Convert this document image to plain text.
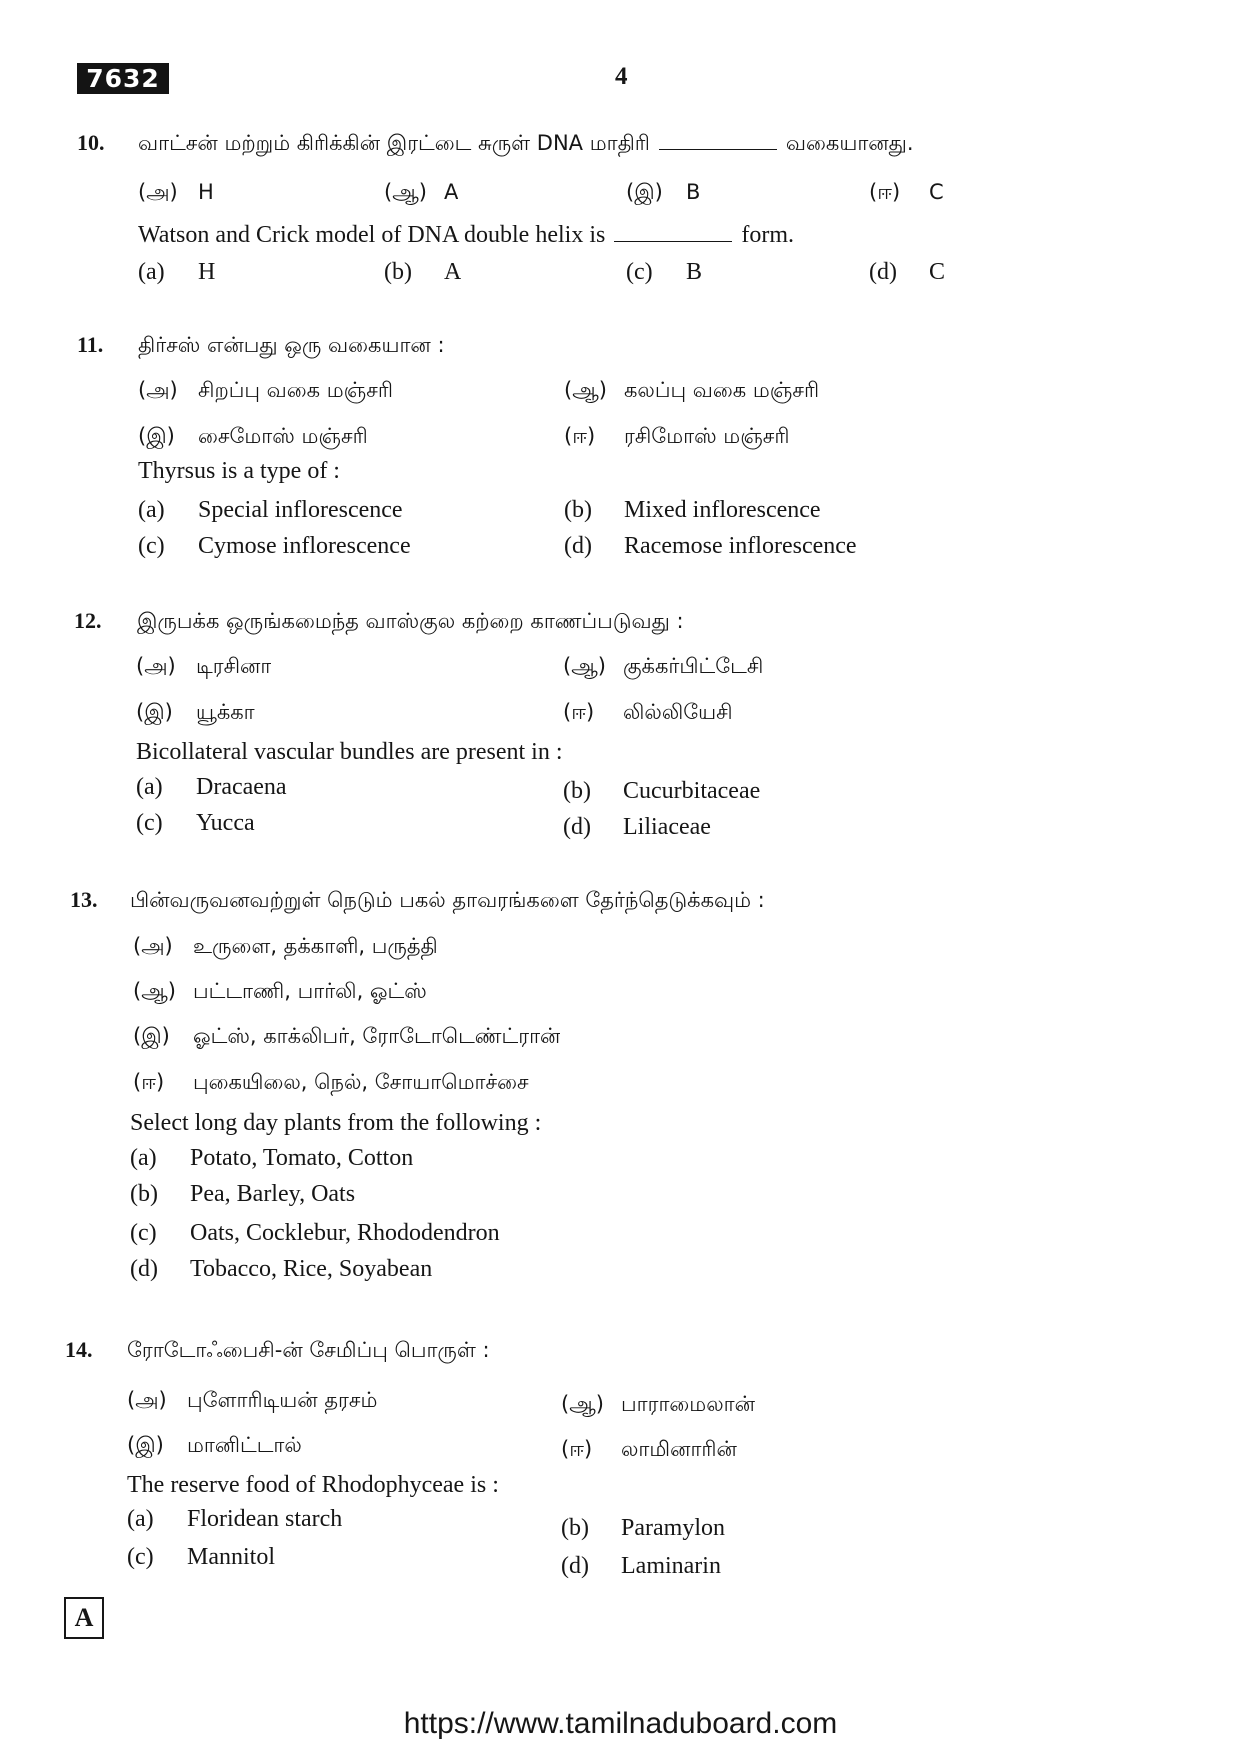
7632	4
10. வாட்சன் மற்றும் கிரிக்கின் இரட்டை சுருள் DNA மாதிரி	வகையானது.
(அ) H	(ஆ) A	(இ) B	(ஈ) C
Watson and Crick model of DNA double helix is	form.
(a) H	(b) A	(c) B	(d) C
11. திர்சஸ் என்பது ஒரு வகையான :
(அ) சிறப்பு வகை மஞ்சரி	(ஆ) கலப்பு வகை மஞ்சரி
(இ) சைமோஸ் மஞ்சரி	(ஈ) ரசிமோஸ் மஞ்சரி
Thyrsus is a type of :
(a) Special inflorescence	(b) Mixed inflorescence
(c) Cymose inflorescence	(d) Racemose inflorescence
12. இருபக்க ஒருங்கமைந்த வாஸ்குல கற்றை காணப்படுவது :
(அ) டிரசினா	(ஆ) குக்கர்பிட்டேசி
(இ) யூக்கா	(ஈ) லில்லியேசி
Bicollateral vascular bundles are present in :
(a) Dracaena	(b) Cucurbitaceae
(c) Yucca	(d) Liliaceae
13. பின்வருவனவற்றுள் நெடும் பகல் தாவரங்களை தேர்ந்தெடுக்கவும் :
(அ) உருளை, தக்காளி, பருத்தி
(ஆ) பட்டாணி, பார்லி, ஓட்ஸ்
(இ) ஓட்ஸ், காக்லிபர், ரோடோடெண்ட்ரான்
(ஈ) புகையிலை, நெல், சோயாமொச்சை
Select long day plants from the following :
(a) Potato, Tomato, Cotton
(b) Pea, Barley, Oats
(c) Oats, Cocklebur, Rhododendron
(d) Tobacco, Rice, Soyabean
14. ரோடோஃபைசி-ன் சேமிப்பு பொருள் :
(அ) புளோரிடியன் தரசம்	(ஆ) பாராமைலான்
(இ) மானிட்டால்	(ஈ) லாமினாரின்
The reserve food of Rhodophyceae is :
(a) Floridean starch	(b) Paramylon
(c) Mannitol	(d) Laminarin
A
https://www.tamilnaduboard.com
